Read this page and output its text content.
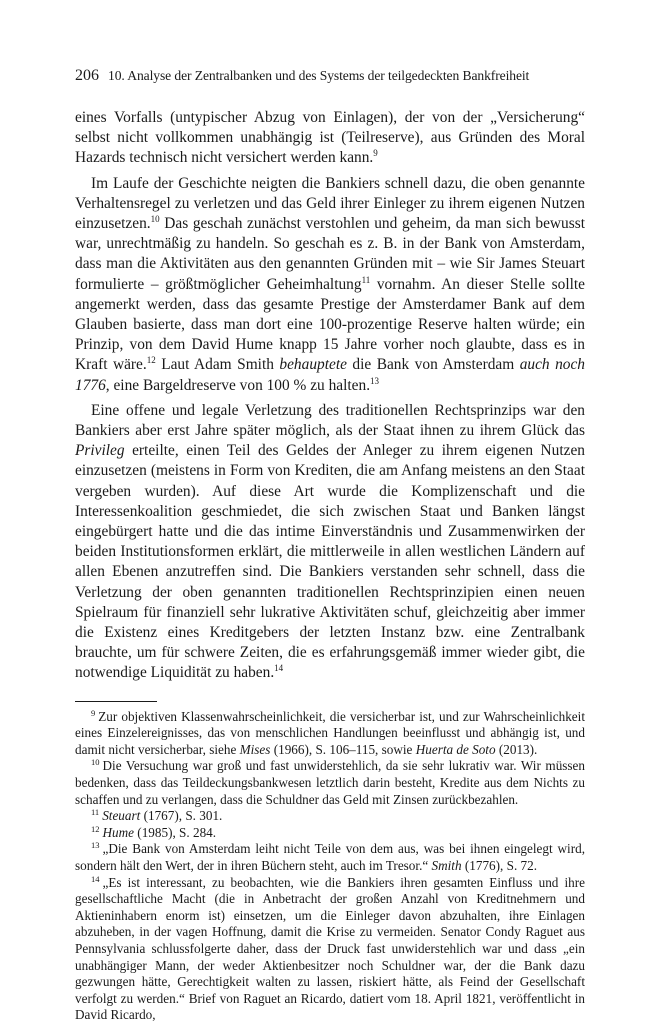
206 10. Analyse der Zentralbanken und des Systems der teilgedeckten Bankfreiheit

eines Vorfalls (untypischer Abzug von Einlagen), der von der „Versicherung“ selbst nicht vollkommen unabhängig ist (Teilreserve), aus Gründen des Moral Hazards technisch nicht versichert werden kann.$^9$

Im Laufe der Geschichte neigten die Bankiers schnell dazu, die oben genannte Verhaltensregel zu verletzen und das Geld ihrer Einleger zu ihrem eigenen Nutzen einzusetzen.$^{10}$ Das geschah zunächst verstohlen und geheim, da man sich bewusst war, unrechtmäßig zu handeln. So geschah es z. B. in der Bank von Amsterdam, dass man die Aktivitäten aus den genannten Gründen mit – wie Sir James Steuart formulierte – größtmöglicher Geheimhaltung$^{11}$ vornahm. An dieser Stelle sollte angemerkt werden, dass das gesamte Prestige der Amsterdamer Bank auf dem Glauben basierte, dass man dort eine 100-prozentige Reserve halten würde; ein Prinzip, von dem David Hume knapp 15 Jahre vorher noch glaubte, dass es in Kraft wäre.$^{12}$ Laut Adam Smith behauptete die Bank von Amsterdam auch noch 1776, eine Bargeldreserve von 100 % zu halten.$^{13}$

Eine offene und legale Verletzung des traditionellen Rechtsprinzips war den Bankiers aber erst Jahre später möglich, als der Staat ihnen zu ihrem Glück das Privileg erteilte, einen Teil des Geldes der Anleger zu ihrem eigenen Nutzen einzusetzen (meistens in Form von Krediten, die am Anfang meistens an den Staat vergeben wurden). Auf diese Art wurde die Komplizenschaft und die Interessenkoalition geschmiedet, die sich zwischen Staat und Banken längst eingebürgert hatte und die das intime Einverständnis und Zusammenwirken der beiden Institutionsformen erklärt, die mittlerweile in allen westlichen Ländern auf allen Ebenen anzutreffen sind. Die Bankiers verstanden sehr schnell, dass die Verletzung der oben genannten traditionellen Rechtsprinzipien einen neuen Spielraum für finanziell sehr lukrative Aktivitäten schuf, gleichzeitig aber immer die Existenz eines Kreditgebers der letzten Instanz bzw. eine Zentralbank brauchte, um für schwere Zeiten, die es erfahrungsgemäß immer wieder gibt, die notwendige Liquidität zu haben.$^{14}$

$^9$ Zur objektiven Klassenwahrscheinlichkeit, die versicherbar ist, und zur Wahrscheinlichkeit eines Einzelereignisses, das von menschlichen Handlungen beeinflusst und abhängig ist, und damit nicht versicherbar, siehe Mises (1966), S. 106–115, sowie Huerta de Soto (2013).

$^{10}$ Die Versuchung war groß und fast unwiderstehlich, da sie sehr lukrativ war. Wir müssen bedenken, dass das Teildeckungsbankwesen letztlich darin besteht, Kredite aus dem Nichts zu schaffen und zu verlangen, dass die Schuldner das Geld mit Zinsen zurückbezahlen.

$^{11}$ Steuart (1767), S. 301.

$^{12}$ Hume (1985), S. 284.

$^{13}$ „Die Bank von Amsterdam leiht nicht Teile von dem aus, was bei ihnen eingelegt wird, sondern hält den Wert, der in ihren Büchern steht, auch im Tresor.“ Smith (1776), S. 72.

$^{14}$ „Es ist interessant, zu beobachten, wie die Bankiers ihren gesamten Einfluss und ihre gesellschaftliche Macht (die in Anbetracht der großen Anzahl von Kreditnehmern und Aktieninhabern enorm ist) einsetzen, um die Einleger davon abzuhalten, ihre Einlagen abzuheben, in der vagen Hoffnung, damit die Krise zu vermeiden. Senator Condy Raguet aus Pennsylvania schlussfolgerte daher, dass der Druck fast unwiderstehlich war und dass „ein unabhängiger Mann, der weder Aktienbesitzer noch Schuldner war, der die Bank dazu gezwungen hätte, Gerechtigkeit walten zu lassen, riskiert hätte, als Feind der Gesellschaft verfolgt zu werden.“ Brief von Raguet an Ricardo, datiert vom 18. April 1821, veröffentlicht in David Ricardo,
